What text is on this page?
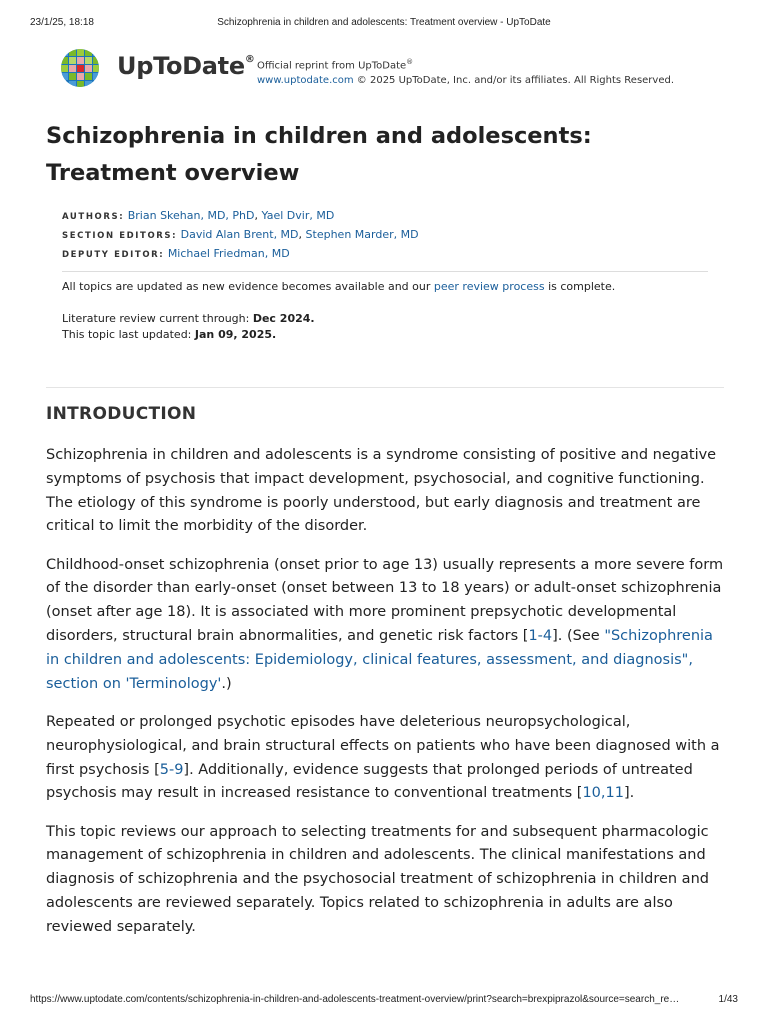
23/1/25, 18:18	Schizophrenia in children and adolescents: Treatment overview - UpToDate
UpToDate®
Official reprint from UpToDate®
www.uptodate.com © 2025 UpToDate, Inc. and/or its affiliates. All Rights Reserved.
Schizophrenia in children and adolescents: Treatment overview
AUTHORS: Brian Skehan, MD, PhD, Yael Dvir, MD
SECTION EDITORS: David Alan Brent, MD, Stephen Marder, MD
DEPUTY EDITOR: Michael Friedman, MD
All topics are updated as new evidence becomes available and our peer review process is complete.
Literature review current through: Dec 2024.
This topic last updated: Jan 09, 2025.
INTRODUCTION

Schizophrenia in children and adolescents is a syndrome consisting of positive and negative symptoms of psychosis that impact development, psychosocial, and cognitive functioning. The etiology of this syndrome is poorly understood, but early diagnosis and treatment are critical to limit the morbidity of the disorder.

Childhood-onset schizophrenia (onset prior to age 13) usually represents a more severe form of the disorder than early-onset (onset between 13 to 18 years) or adult-onset schizophrenia (onset after age 18). It is associated with more prominent prepsychotic developmental disorders, structural brain abnormalities, and genetic risk factors [1-4]. (See "Schizophrenia in children and adolescents: Epidemiology, clinical features, assessment, and diagnosis", section on 'Terminology'.)

Repeated or prolonged psychotic episodes have deleterious neuropsychological, neurophysiological, and brain structural effects on patients who have been diagnosed with a first psychosis [5-9]. Additionally, evidence suggests that prolonged periods of untreated psychosis may result in increased resistance to conventional treatments [10,11].

This topic reviews our approach to selecting treatments for and subsequent pharmacologic management of schizophrenia in children and adolescents. The clinical manifestations and diagnosis of schizophrenia and the psychosocial treatment of schizophrenia in children and adolescents are reviewed separately. Topics related to schizophrenia in adults are also reviewed separately.

https://www.uptodate.com/contents/schizophrenia-in-children-and-adolescents-treatment-overview/print?search=brexpiprazol&source=search_re…	1/43
